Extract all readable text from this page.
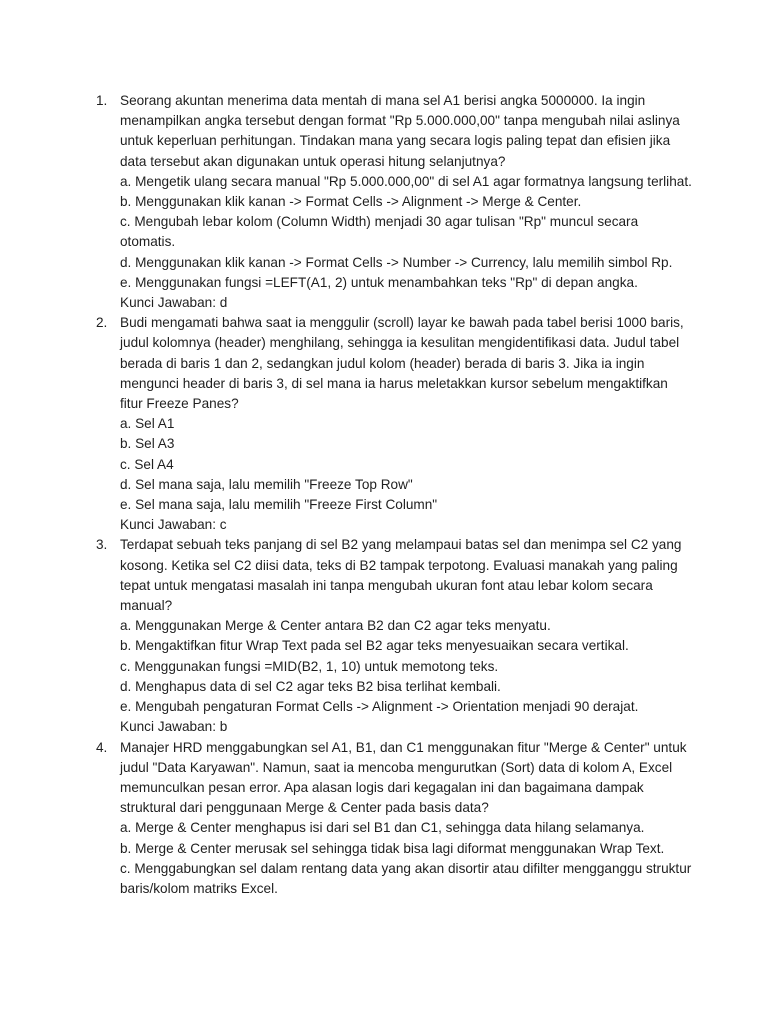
1. Seorang akuntan menerima data mentah di mana sel A1 berisi angka 5000000. Ia ingin menampilkan angka tersebut dengan format "Rp 5.000.000,00" tanpa mengubah nilai aslinya untuk keperluan perhitungan. Tindakan mana yang secara logis paling tepat dan efisien jika data tersebut akan digunakan untuk operasi hitung selanjutnya?
a. Mengetik ulang secara manual "Rp 5.000.000,00" di sel A1 agar formatnya langsung terlihat.
b. Menggunakan klik kanan -> Format Cells -> Alignment -> Merge & Center.
c. Mengubah lebar kolom (Column Width) menjadi 30 agar tulisan "Rp" muncul secara otomatis.
d. Menggunakan klik kanan -> Format Cells -> Number -> Currency, lalu memilih simbol Rp.
e. Menggunakan fungsi =LEFT(A1, 2) untuk menambahkan teks "Rp" di depan angka.
Kunci Jawaban: d
2. Budi mengamati bahwa saat ia menggulir (scroll) layar ke bawah pada tabel berisi 1000 baris, judul kolomnya (header) menghilang, sehingga ia kesulitan mengidentifikasi data. Judul tabel berada di baris 1 dan 2, sedangkan judul kolom (header) berada di baris 3. Jika ia ingin mengunci header di baris 3, di sel mana ia harus meletakkan kursor sebelum mengaktifkan fitur Freeze Panes?
a. Sel A1
b. Sel A3
c. Sel A4
d. Sel mana saja, lalu memilih "Freeze Top Row"
e. Sel mana saja, lalu memilih "Freeze First Column"
Kunci Jawaban: c
3. Terdapat sebuah teks panjang di sel B2 yang melampaui batas sel dan menimpa sel C2 yang kosong. Ketika sel C2 diisi data, teks di B2 tampak terpotong. Evaluasi manakah yang paling tepat untuk mengatasi masalah ini tanpa mengubah ukuran font atau lebar kolom secara manual?
a. Menggunakan Merge & Center antara B2 dan C2 agar teks menyatu.
b. Mengaktifkan fitur Wrap Text pada sel B2 agar teks menyesuaikan secara vertikal.
c. Menggunakan fungsi =MID(B2, 1, 10) untuk memotong teks.
d. Menghapus data di sel C2 agar teks B2 bisa terlihat kembali.
e. Mengubah pengaturan Format Cells -> Alignment -> Orientation menjadi 90 derajat.
Kunci Jawaban: b
4. Manajer HRD menggabungkan sel A1, B1, dan C1 menggunakan fitur "Merge & Center" untuk judul "Data Karyawan". Namun, saat ia mencoba mengurutkan (Sort) data di kolom A, Excel memunculkan pesan error. Apa alasan logis dari kegagalan ini dan bagaimana dampak struktural dari penggunaan Merge & Center pada basis data?
a. Merge & Center menghapus isi dari sel B1 dan C1, sehingga data hilang selamanya.
b. Merge & Center merusak sel sehingga tidak bisa lagi diformat menggunakan Wrap Text.
c. Menggabungkan sel dalam rentang data yang akan disortir atau difilter mengganggu struktur baris/kolom matriks Excel.
